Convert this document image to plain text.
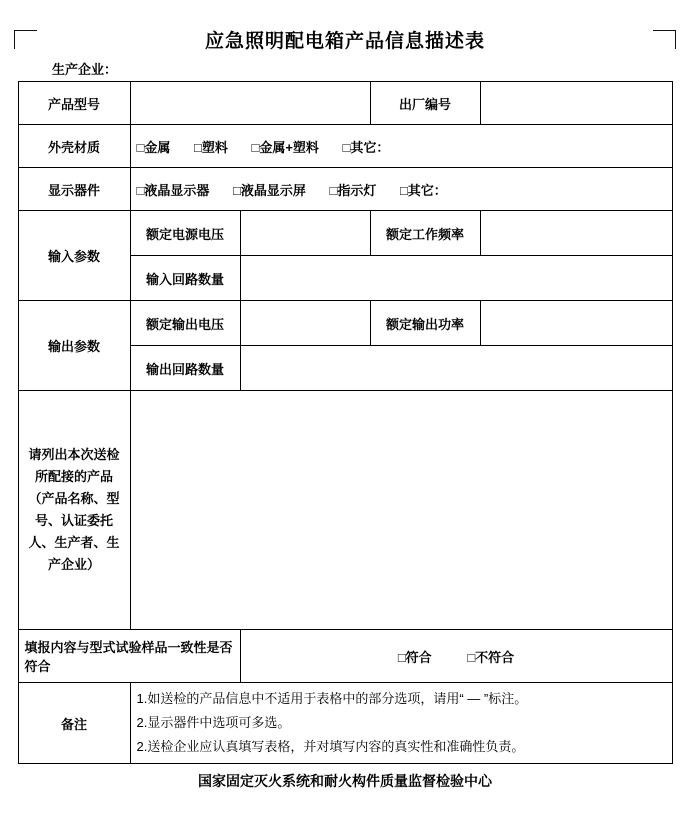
应急照明配电箱产品信息描述表
生产企业：
产品型号			出厂编号	
外壳材质	□金属 □塑料 □金属+塑料 □其它：			
显示器件	□液晶显示器 □液晶显示屏 □指示灯 □其它：			
输入参数	额定电源电压		额定工作频率	
	输入回路数量			
输出参数	额定输出电压		额定输出功率	
	输出回路数量			
请列出本次送检所配接的产品（产品名称、型号、认证委托人、生产者、生产企业）				
填报内容与型式试验样品一致性是否符合		□符合 □不符合		
备注	1.如送检的产品信息中不适用于表格中的部分选项，请用“ — ”标注。
2.显示器件中选项可多选。
2.送检企业应认真填写表格，并对填写内容的真实性和准确性负责。			
国家固定灭火系统和耐火构件质量监督检验中心
